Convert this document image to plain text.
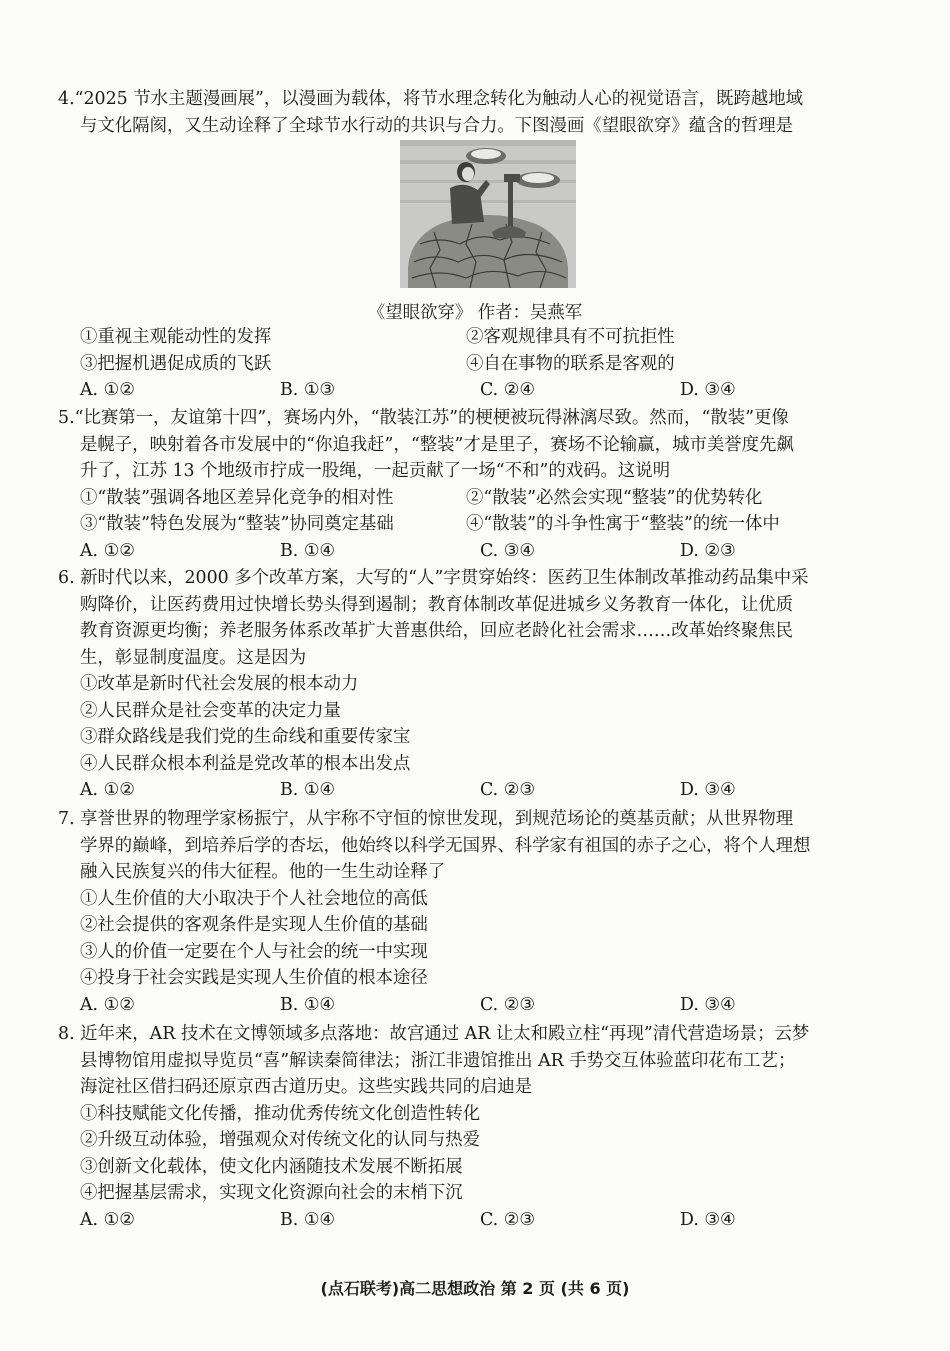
4.“2025 节水主题漫画展”，以漫画为载体，将节水理念转化为触动人心的视觉语言，既跨越地域
与文化隔阂，又生动诠释了全球节水行动的共识与合力。下图漫画《望眼欲穿》蕴含的哲理是
《望眼欲穿》 作者：吴燕军
①重视主观能动性的发挥	②客观规律具有不可抗拒性
③把握机遇促成质的飞跃	④自在事物的联系是客观的
A. ①②	B. ①③	C. ②④	D. ③④
5.“比赛第一，友谊第十四”，赛场内外，“散装江苏”的梗梗被玩得淋漓尽致。然而，“散装”更像
是幌子，映射着各市发展中的“你追我赶”，“整装”才是里子，赛场不论输赢，城市美誉度先飙
升了，江苏 13 个地级市拧成一股绳，一起贡献了一场“不和”的戏码。这说明
①“散装”强调各地区差异化竞争的相对性	②“散装”必然会实现“整装”的优势转化
③“散装”特色发展为“整装”协同奠定基础	④“散装”的斗争性寓于“整装”的统一体中
A. ①②	B. ①④	C. ③④	D. ②③
6. 新时代以来，2000 多个改革方案，大写的“人”字贯穿始终：医药卫生体制改革推动药品集中采
购降价，让医药费用过快增长势头得到遏制；教育体制改革促进城乡义务教育一体化，让优质
教育资源更均衡；养老服务体系改革扩大普惠供给，回应老龄化社会需求……改革始终聚焦民
生，彰显制度温度。这是因为
①改革是新时代社会发展的根本动力
②人民群众是社会变革的决定力量
③群众路线是我们党的生命线和重要传家宝
④人民群众根本利益是党改革的根本出发点
A. ①②	B. ①④	C. ②③	D. ③④
7. 享誉世界的物理学家杨振宁，从宇称不守恒的惊世发现，到规范场论的奠基贡献；从世界物理
学界的巅峰，到培养后学的杏坛，他始终以科学无国界、科学家有祖国的赤子之心，将个人理想
融入民族复兴的伟大征程。他的一生生动诠释了
①人生价值的大小取决于个人社会地位的高低
②社会提供的客观条件是实现人生价值的基础
③人的价值一定要在个人与社会的统一中实现
④投身于社会实践是实现人生价值的根本途径
A. ①②	B. ①④	C. ②③	D. ③④
8. 近年来，AR 技术在文博领域多点落地：故宫通过 AR 让太和殿立柱“再现”清代营造场景；云梦
县博物馆用虚拟导览员“喜”解读秦简律法；浙江非遗馆推出 AR 手势交互体验蓝印花布工艺；
海淀社区借扫码还原京西古道历史。这些实践共同的启迪是
①科技赋能文化传播，推动优秀传统文化创造性转化
②升级互动体验，增强观众对传统文化的认同与热爱
③创新文化载体，使文化内涵随技术发展不断拓展
④把握基层需求，实现文化资源向社会的末梢下沉
A. ①②	B. ①④	C. ②③	D. ③④
(点石联考)高二思想政治 第 2 页 (共 6 页)
